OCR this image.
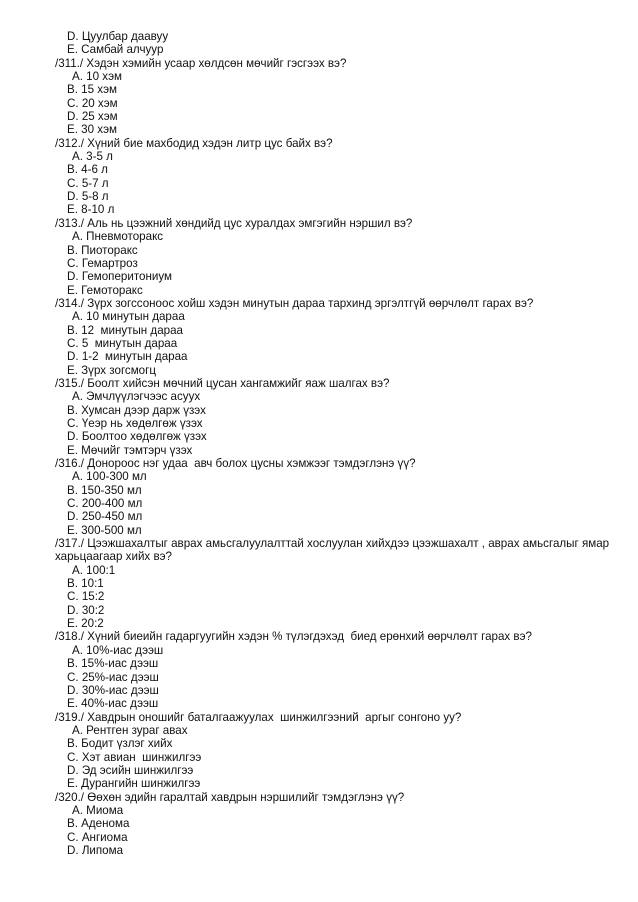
D. Цуулбар даавуу
E. Самбай алчуур
/311./ Хэдэн хэмийн усаар хөлдсөн мөчийг гэсгээх вэ?
A. 10 хэм
B. 15 хэм
C. 20 хэм
D. 25 хэм
E. 30 хэм
/312./ Хүний бие махбодид хэдэн литр цус байх вэ?
A. 3-5 л
B. 4-6 л
C. 5-7 л
D. 5-8 л
E. 8-10 л
/313./ Аль нь цээжний хөндийд цус хуралдах эмгэгийн нэршил вэ?
A. Пневмоторакс
B. Пиоторакс
C. Гемартроз
D. Гемоперитониум
E. Гемоторакс
/314./ Зүрх зогссоноос хойш хэдэн минутын дараа тархинд эргэлтгүй өөрчлөлт гарах вэ?
A. 10 минутын дараа
B. 12  минутын дараа
C. 5  минутын дараа
D. 1-2  минутын дараа
E. Зүрх зогсмогц
/315./ Боолт хийсэн мөчний цусан хангамжийг яаж шалгах вэ?
A. Эмчлүүлэгчээс асуух
B. Хумсан дээр дарж үзэх
C. Үеэр нь хөдөлгөж үзэх
D. Боолтоо хөдөлгөж үзэх
E. Мөчийг тэмтэрч үзэх
/316./ Донороос нэг удаа  авч болох цусны хэмжээг тэмдэглэнэ үү?
A. 100-300 мл
B. 150-350 мл
C. 200-400 мл
D. 250-450 мл
E. 300-500 мл
/317./ Цээжшахалтыг аврах амьсгалуулалттай хослуулан хийхдээ цээжшахалт , аврах амьсгалыг ямар харьцаагаар хийх вэ?
A. 100:1
B. 10:1
C. 15:2
D. 30:2
E. 20:2
/318./ Хүний биеийн гадаргуугийн хэдэн % түлэгдэхэд  биед ерөнхий өөрчлөлт гарах вэ?
A. 10%-иас дээш
B. 15%-иас дээш
C. 25%-иас дээш
D. 30%-иас дээш
E. 40%-иас дээш
/319./ Хавдрын оношийг баталгаажуулах  шинжилгээний  аргыг сонгоно уу?
A. Рентген зураг авах
B. Бодит үзлэг хийх
C. Хэт авиан  шинжилгээ
D. Эд эсийн шинжилгээ
E. Дурангийн шинжилгээ
/320./ Өөхөн эдийн гаралтай хавдрын нэршилийг тэмдэглэнэ үү?
A. Миома
B. Аденома
C. Ангиома
D. Липома
